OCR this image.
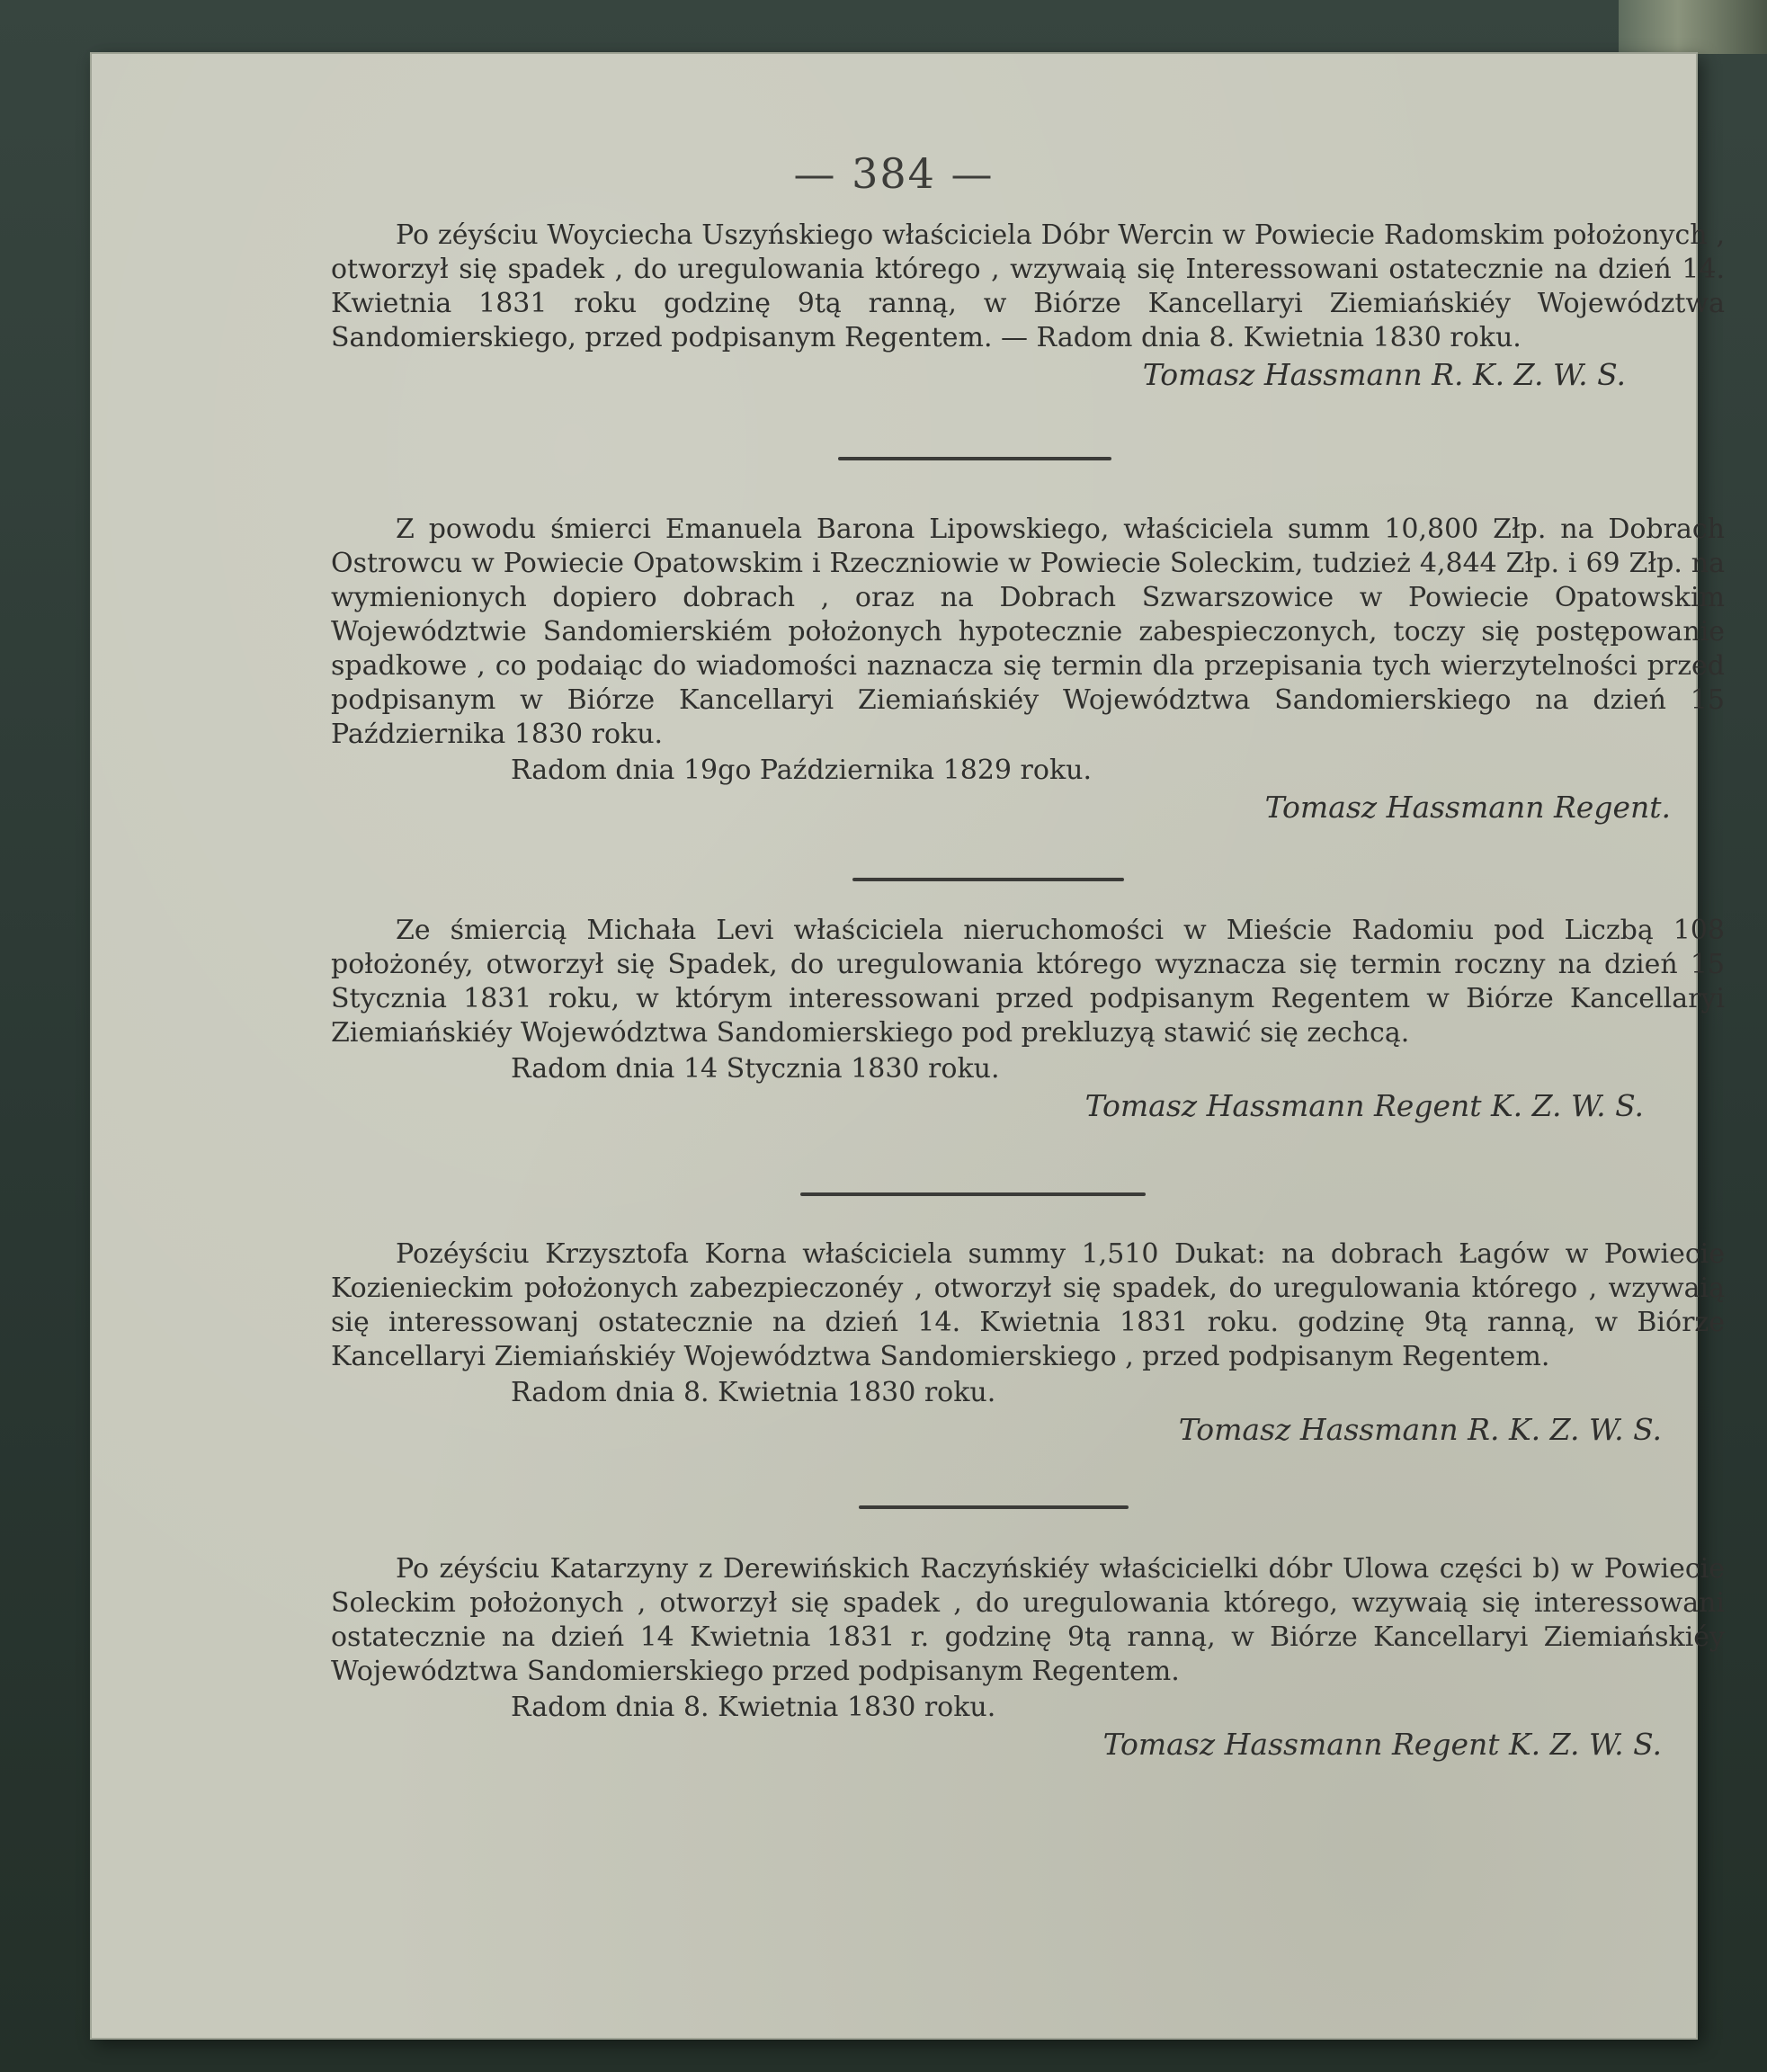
— 384 —

Po zéyściu Woyciecha Uszyńskiego właściciela Dóbr Wercin w Powiecie Radomskim położonych , otworzył się spadek , do uregulowania którego , wzywaią się Interessowani ostatecznie na dzień 14. Kwietnia 1831 roku godzinę 9tą ranną, w Biórze Kancellaryi Ziemiańskiéy Województwa Sandomierskiego, przed podpisanym Regentem. — Radom dnia 8. Kwietnia 1830 roku.

Tomasz Hassmann R. K. Z. W. S.

Z powodu śmierci Emanuela Barona Lipowskiego, właściciela summ 10,800 Złp. na Dobrach Ostrowcu w Powiecie Opatowskim i Rzeczniowie w Powiecie Soleckim, tudzież 4,844 Złp. i 69 Złp. na wymienionych dopiero dobrach , oraz na Dobrach Szwarszowice w Powiecie Opatowskim Województwie Sandomierskiém położonych hypotecznie zabespieczonych, toczy się postępowanie spadkowe , co podaiąc do wiadomości naznacza się termin dla przepisania tych wierzytelności przed podpisanym w Biórze Kancellaryi Ziemiańskiéy Województwa Sandomierskiego na dzień 15 Października 1830 roku.

Radom dnia 19go Października 1829 roku.
Tomasz Hassmann Regent.

Ze śmiercią Michała Levi właściciela nieruchomości w Mieście Radomiu pod Liczbą 108 położonéy, otworzył się Spadek, do uregulowania którego wyznacza się termin roczny na dzień 15 Stycznia 1831 roku, w którym interessowani przed podpisanym Regentem w Biórze Kancellaryi Ziemiańskiéy Województwa Sandomierskiego pod prekluzyą stawić się zechcą.

Radom dnia 14 Stycznia 1830 roku.
Tomasz Hassmann Regent K. Z. W. S.

Pozéyściu Krzysztofa Korna właściciela summy 1,510 Dukat: na dobrach Łagów w Powiecie Kozienieckim położonych zabezpieczonéy , otworzył się spadek, do uregulowania którego , wzywaią się interessowanj ostatecznie na dzień 14. Kwietnia 1831 roku. godzinę 9tą ranną, w Biórze Kancellaryi Ziemiańskiéy Województwa Sandomierskiego , przed podpisanym Regentem.

Radom dnia 8. Kwietnia 1830 roku.
Tomasz Hassmann R. K. Z. W. S.

Po zéyściu Katarzyny z Derewińskich Raczyńskiéy właścicielki dóbr Ulowa części b) w Powiecie Soleckim położonych , otworzył się spadek , do uregulowania którego, wzywaią się interessowani ostatecznie na dzień 14 Kwietnia 1831 r. godzinę 9tą ranną, w Biórze Kancellaryi Ziemiańskiéy Województwa Sandomierskiego przed podpisanym Regentem.

Radom dnia 8. Kwietnia 1830 roku.
Tomasz Hassmann Regent K. Z. W. S.
